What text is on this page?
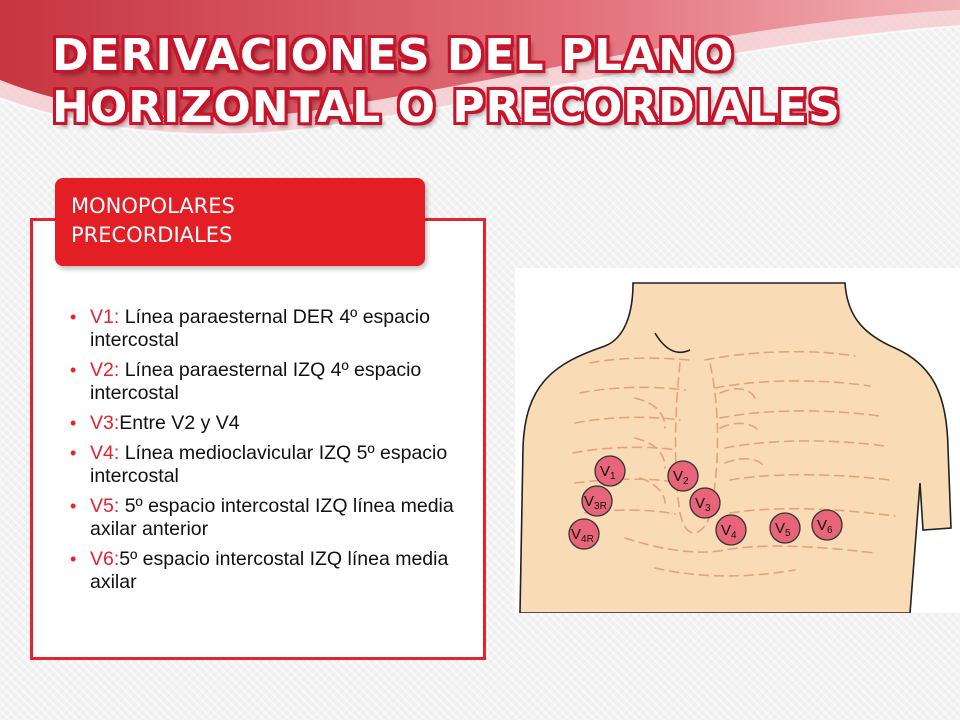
DERIVACIONES DEL PLANO
HORIZONTAL O PRECORDIALES
MONOPOLARES
PRECORDIALES
• V1: Línea paraesternal DER 4º espacio intercostal
• V2: Línea paraesternal IZQ 4º espacio intercostal
• V3:Entre V2 y V4
• V4: Línea medioclavicular IZQ 5º espacio intercostal
• V5: 5º espacio intercostal IZQ línea media axilar anterior
• V6:5º espacio intercostal IZQ línea media axilar
$V_1$	$V_2$
$V_{3R}$	$V_3$
$V_{4R}$
$V_4$	$V_5$ $V_6$
